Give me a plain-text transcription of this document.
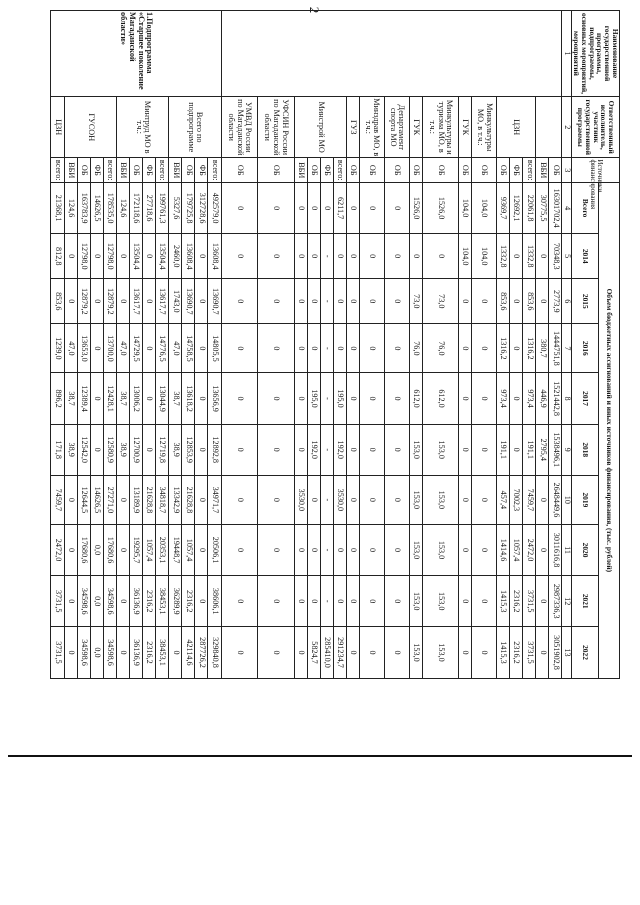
2
Наименование государственной программы, подпрограммы, основных мероприятий, мероприятий	Ответственный исполнитель, участник государственной программы	Источники финансирования	Объем бюджетных ассигнований и иных источников финансирования, (тыс. рублей)									
			Всего	2014	2015	2016	2017	2018	2019	2020	2021	2022
1	2	3	4	5	6	7	8	9	10	11	12	13
		ОБ	16301702,4	70348,3	2773,9	1444751,8	1521442,8	1538496,1	2648449,6	3011616,8	2987336,3	3051902,8
		ВБИ	30775,5	0	0	380,7	446,9	2795,4	0	0	0	0
	ЦЗН	всего:	22061,8	1332,8	853,6	1316,2	973,4	191,1	7459,7	2472,0	3731,5	3731,5
		ФБ	12692,1	0	0	0	0	0	7002,3	1057,4	2316,2	2316,2
		ОБ	9369,7	1332,8	853,6	1316,2	973,4	191,1	457,4	1414,6	1415,3	1415,3
	Минкультуры МО, в т.ч.:	ОБ	104,0	104,0	0	0	0	0	0	0	0	0
	ГУК	ОБ	104,0	104,0	0	0	0	0	0	0	0	0
	Минкультуры и туризма МО, в т.ч.:	ОБ	1526,0	0	73,0	76,0	612,0	153,0	153,0	153,0	153,0	153,0
	ГУК	ОБ	1526,0	0	73,0	76,0	612,0	153,0	153,0	153,0	153,0	153,0
	Департамент спорта МО	ОБ	0	0	0	0	0	0	0	0	0	0
	Минздрав МО, в т.ч.:	ОБ	0	0	0	0	0	0	0	0	0	0
	ГУЗ	ОБ	0	0	0	0	0	0	0	0	0	0
	Минстрой МО	всего:	6211,7	0	0	0	195,0	192,0	3530,0	0	0	291234,7
		ФБ	0	-	-	-	-	-	-	-	-	285410,0
		ОБ	0	0	0	0	195,0	192,0	0	0	0	5824,7
		ВБИ	0	0	0	0	0	0	3530,0	0	0	0
	УФСИН России по Магаданской области	ОБ	0	0	0	0	0	0	0	0	0	0
	УМВД России по Магаданской области	ОБ	0	0	0	0	0	0	0	0	0	0
1.Подпрограмма «Старшее поколение Магаданской области»	Всего по подпрограмме	всего:	492579,0	13608,4	13690,7	14805,5	13656,9	12892,8	34971,7	20506,1	38606,1	329840,8
		ФБ	312728,6	0	0	0	0	0	0	0	0	287726,2
		ОБ	179725,8	13608,4	13690,7	14758,5	13618,2	12853,9	21628,8	1057,4	2316,2	42114,6
		ВБИ	5327,6	2460,0	1743,0	47,0	38,7	38,9	13342,9	19448,7	36289,9	0
	Минтруд МО в т.ч.:	всего:	199761,3	13504,4	13617,7	14776,5	13044,9	12719,8	34818,7	20353,1	38453,1	38453,1
		ФБ	27718,6	0	0	0	0	0	21628,8	1057,4	2316,2	2316,2
		ОБ	172118,6	13504,4	13617,7	14729,5	13006,2	12700,9	13189,9	19295,7	36136,9	36136,9
		ВБИ	124,6	0	0	47,0	38,7	38,9	0	0	0	0
	ГУСОН	всего:	178535,0	12798,0	12879,2	13700,0	12428,1	12580,9	27271,0	17680,6	34598,6	34598,6
		ФБ	14626,5	0	0	0	0	0	14626,5	0,0	0,0	0,0
		ОБ	163783,9	12798,0	12879,2	13653,0	12389,4	12542,0	12644,5	17680,6	34598,6	34598,6
		ВБИ	124,6	0	0	47,0	38,7	38,9	0	0	0	0
	ЦЗН	всего:	21368,1	812,8	853,6	1239,0	896,2	171,8	7459,7	2472,0	3731,5	3731,5
